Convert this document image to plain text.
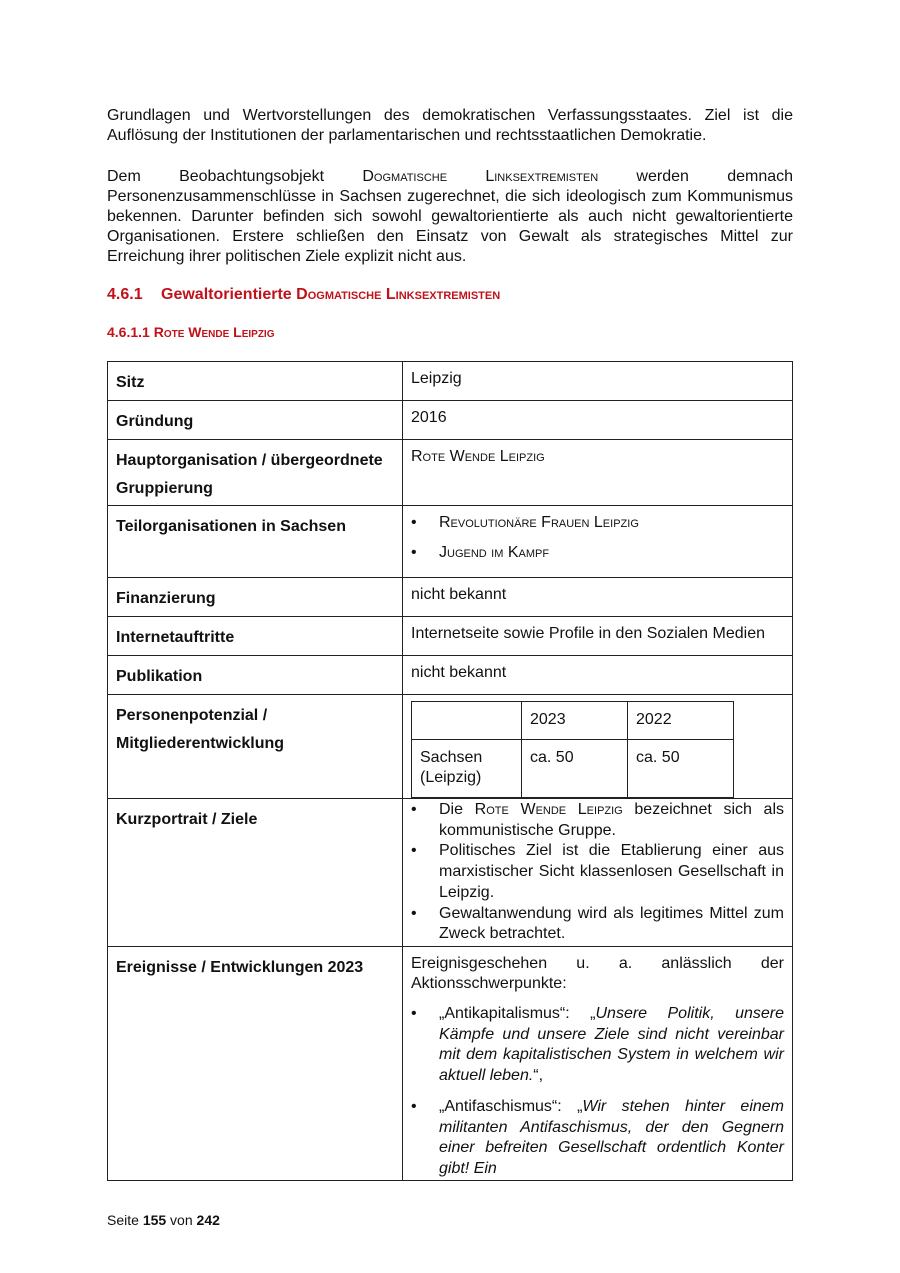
Grundlagen und Wertvorstellungen des demokratischen Verfassungsstaates. Ziel ist die Auflösung der Institutionen der parlamentarischen und rechtsstaatlichen Demokratie.

Dem Beobachtungsobjekt Dogmatische Linksextremisten werden demnach Personenzusammenschlüsse in Sachsen zugerechnet, die sich ideologisch zum Kommunismus bekennen. Darunter befinden sich sowohl gewaltorientierte als auch nicht gewaltorientierte Organisationen. Erstere schließen den Einsatz von Gewalt als strategisches Mittel zur Erreichung ihrer politischen Ziele explizit nicht aus.

4.6.1 Gewaltorientierte Dogmatische Linksextremisten
4.6.1.1 Rote Wende Leipzig
Sitz	Leipzig
Gründung	2016
Hauptorganisation / übergeordnete Gruppierung	Rote Wende Leipzig
Teilorganisationen in Sachsen	
•Revolutionäre Frauen Leipzig
• Jugend im Kampf

Finanzierung	nicht bekannt
Internetauftritte	Internetseite sowie Profile in den Sozialen Medien
Publikation	nicht bekannt
Personenpotenzial / Mitgliederentwicklung	
	2023	2022
Sachsen (Leipzig)	ca. 50	ca. 50

Kurzportrait / Ziele	
• Die Rote Wende Leipzig bezeichnet sich als kommunistische Gruppe.
• Politisches Ziel ist die Etablierung einer aus marxistischer Sicht klassenlosen Gesellschaft in Leipzig.
• Gewaltanwendung wird als legitimes Mittel zum Zweck betrachtet.

Ereignisse / Entwicklungen 2023	Ereignisgeschehen u. a. anlässlich der Aktionsschwerpunkte:

• „Antikapitalismus“: „Unsere Politik, unsere Kämpfe und unsere Ziele sind nicht vereinbar mit dem kapitalistischen System in welchem wir aktuell leben.“,
• „Antifaschismus“: „Wir stehen hinter einem militanten Antifaschismus, der den Gegnern einer befreiten Gesellschaft ordentlich Konter gibt! Ein

Seite 155 von 242
